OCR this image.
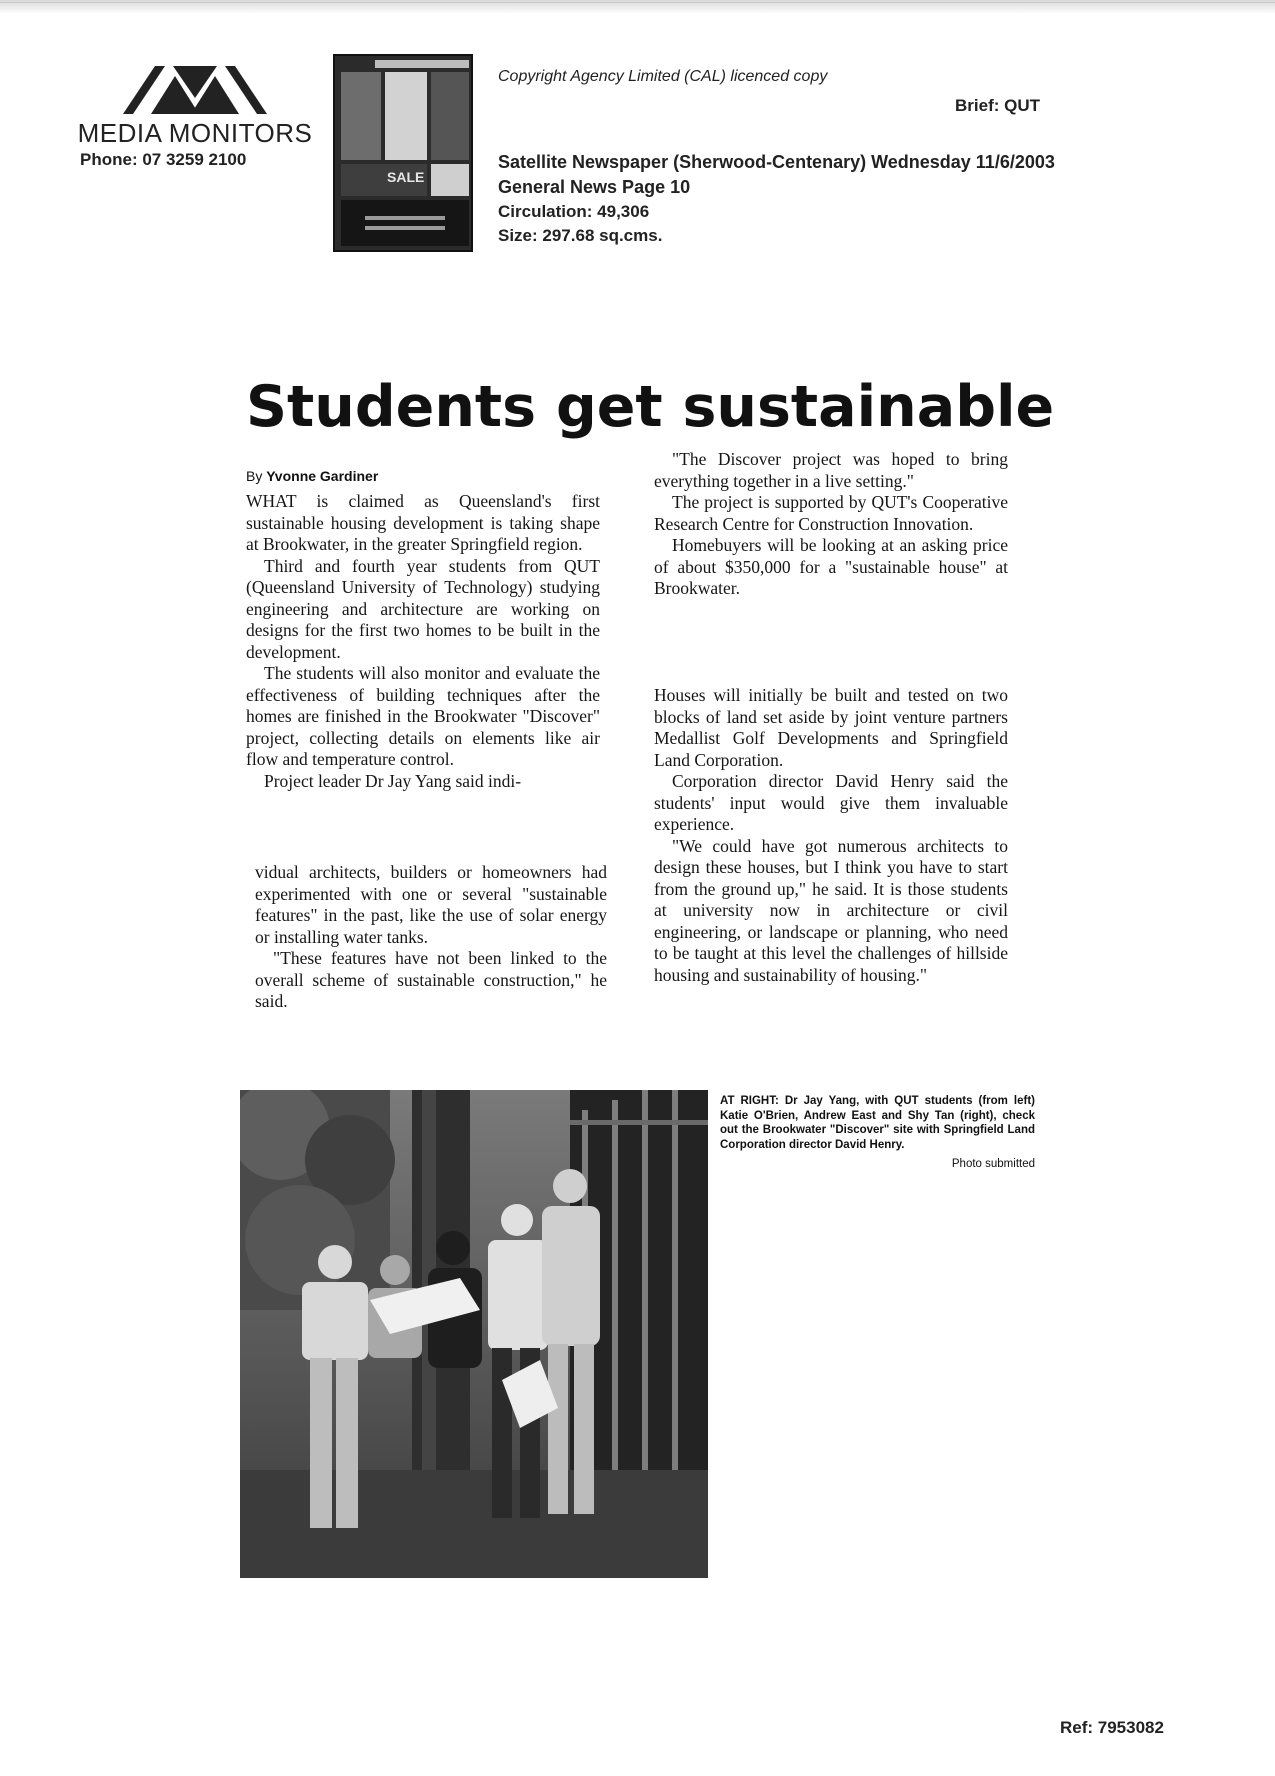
MEDIA MONITORS
Phone: 07 3259 2100
SALE
Copyright Agency Limited (CAL) licenced copy
Brief: QUT
Satellite Newspaper (Sherwood-Centenary) Wednesday 11/6/2003
General News Page 10
Circulation: 49,306
Size: 297.68 sq.cms.
Students get sustainable
By Yvonne Gardiner

WHAT is claimed as Queensland's first sustainable housing development is taking shape at Brookwater, in the greater Springfield region.

Third and fourth year students from QUT (Queensland University of Technology) studying engineering and architecture are working on designs for the first two homes to be built in the development.

The students will also monitor and evaluate the effectiveness of building techniques after the homes are finished in the Brookwater "Discover" project, collecting details on elements like air flow and temperature control.

Project leader Dr Jay Yang said indi-

vidual architects, builders or homeowners had experimented with one or several "sustainable features" in the past, like the use of solar energy or installing water tanks.

"These features have not been linked to the overall scheme of sustainable construction," he said.

"The Discover project was hoped to bring everything together in a live setting."

The project is supported by QUT's Cooperative Research Centre for Construction Innovation.

Homebuyers will be looking at an asking price of about $350,000 for a "sustainable house" at Brookwater.

Houses will initially be built and tested on two blocks of land set aside by joint venture partners Medallist Golf Developments and Springfield Land Corporation.

Corporation director David Henry said the students' input would give them invaluable experience.

"We could have got numerous architects to design these houses, but I think you have to start from the ground up," he said. It is those students at university now in architecture or civil engineering, or landscape or planning, who need to be taught at this level the challenges of hillside housing and sustainability of housing."

AT RIGHT: Dr Jay Yang, with QUT students (from left) Katie O'Brien, Andrew East and Shy Tan (right), check out the Brookwater "Discover" site with Springfield Land Corporation director David Henry.
Photo submitted
Ref: 7953082
